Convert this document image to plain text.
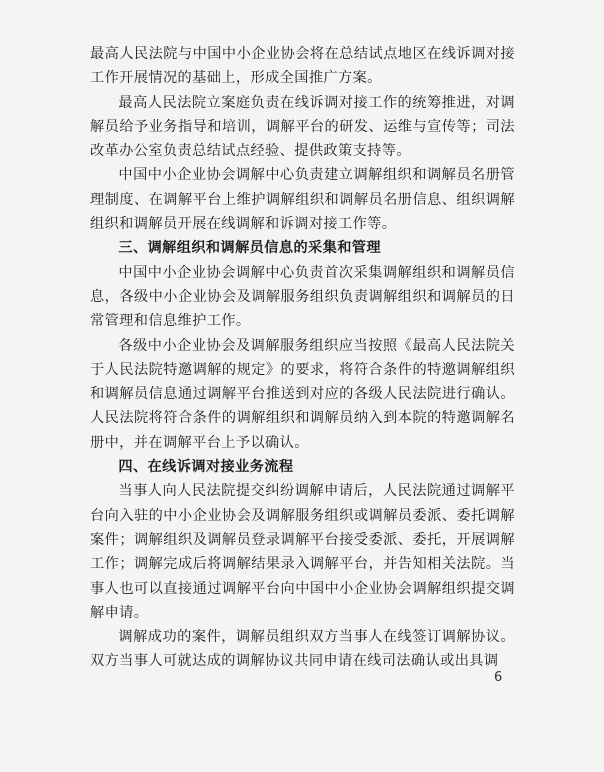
最高人民法院与中国中小企业协会将在总结试点地区在线诉调对接工作开展情况的基础上，形成全国推广方案。

最高人民法院立案庭负责在线诉调对接工作的统筹推进，对调解员给予业务指导和培训，调解平台的研发、运维与宣传等；司法改革办公室负责总结试点经验、提供政策支持等。

中国中小企业协会调解中心负责建立调解组织和调解员名册管理制度、在调解平台上维护调解组织和调解员名册信息、组织调解组织和调解员开展在线调解和诉调对接工作等。

三、调解组织和调解员信息的采集和管理

中国中小企业协会调解中心负责首次采集调解组织和调解员信息，各级中小企业协会及调解服务组织负责调解组织和调解员的日常管理和信息维护工作。

各级中小企业协会及调解服务组织应当按照《最高人民法院关于人民法院特邀调解的规定》的要求，将符合条件的特邀调解组织和调解员信息通过调解平台推送到对应的各级人民法院进行确认。人民法院将符合条件的调解组织和调解员纳入到本院的特邀调解名册中，并在调解平台上予以确认。

四、在线诉调对接业务流程

当事人向人民法院提交纠纷调解申请后，人民法院通过调解平台向入驻的中小企业协会及调解服务组织或调解员委派、委托调解案件；调解组织及调解员登录调解平台接受委派、委托，开展调解工作；调解完成后将调解结果录入调解平台，并告知相关法院。当事人也可以直接通过调解平台向中国中小企业协会调解组织提交调解申请。

调解成功的案件，调解员组织双方当事人在线签订调解协议。双方当事人可就达成的调解协议共同申请在线司法确认或出具调

6
